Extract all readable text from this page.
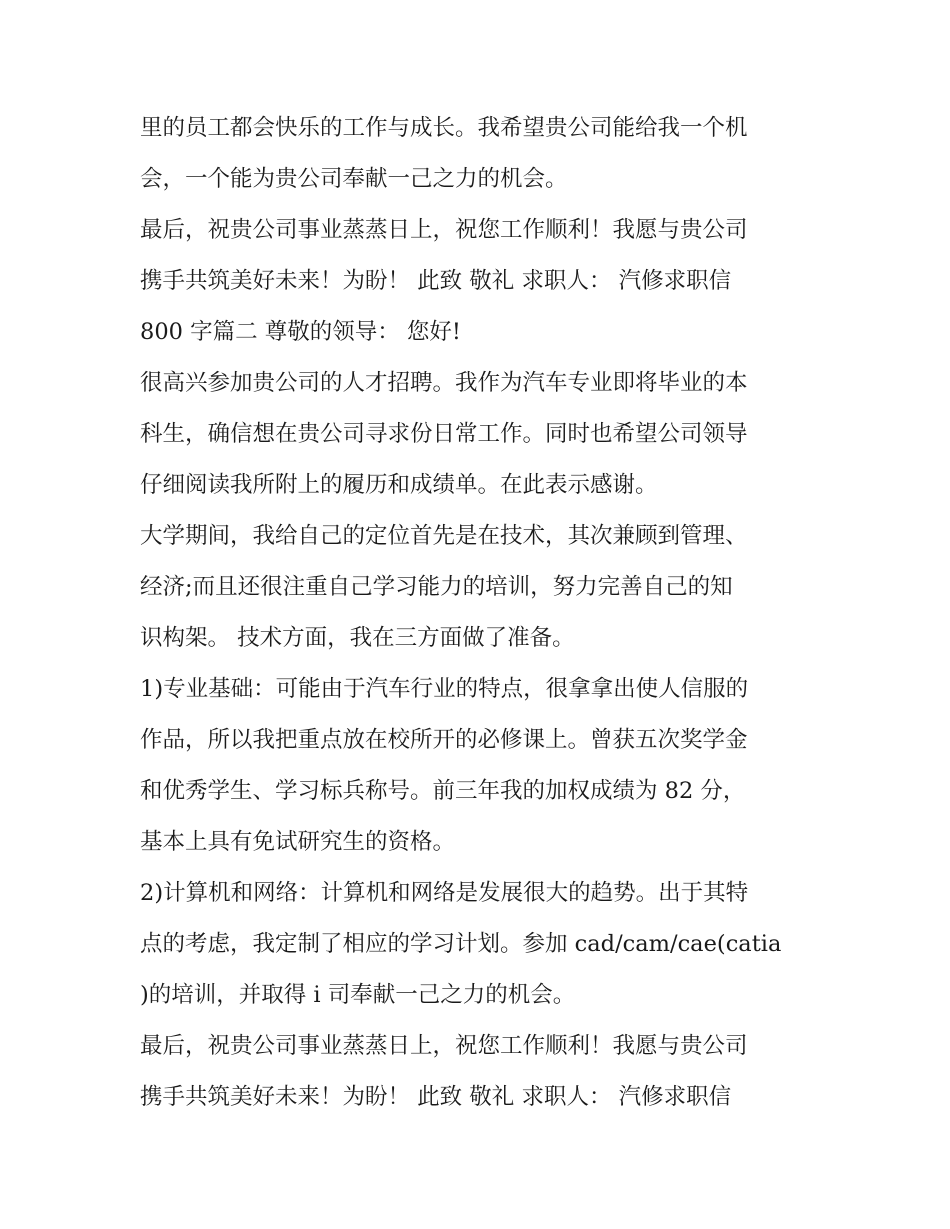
里的员工都会快乐的工作与成长。我希望贵公司能给我一个机
会，一个能为贵公司奉献一己之力的机会。

最后，祝贵公司事业蒸蒸日上，祝您工作顺利！我愿与贵公司
携手共筑美好未来！为盼！ 此致 敬礼 求职人： 汽修求职信
800 字篇二 尊敬的领导： 您好!

很高兴参加贵公司的人才招聘。我作为汽车专业即将毕业的本
科生，确信想在贵公司寻求份日常工作。同时也希望公司领导
仔细阅读我所附上的履历和成绩单。在此表示感谢。

大学期间，我给自己的定位首先是在技术，其次兼顾到管理、
经济;而且还很注重自己学习能力的培训，努力完善自己的知
识构架。 技术方面，我在三方面做了准备。

1)专业基础：可能由于汽车行业的特点，很拿拿出使人信服的
作品，所以我把重点放在校所开的必修课上。曾获五次奖学金
和优秀学生、学习标兵称号。前三年我的加权成绩为 82 分，
基本上具有免试研究生的资格。

2)计算机和网络：计算机和网络是发展很大的趋势。出于其特
点的考虑，我定制了相应的学习计划。参加 cad/cam/cae(catia
)的培训，并取得 i 司奉献一己之力的机会。

最后，祝贵公司事业蒸蒸日上，祝您工作顺利！我愿与贵公司
携手共筑美好未来！为盼！ 此致 敬礼 求职人： 汽修求职信
